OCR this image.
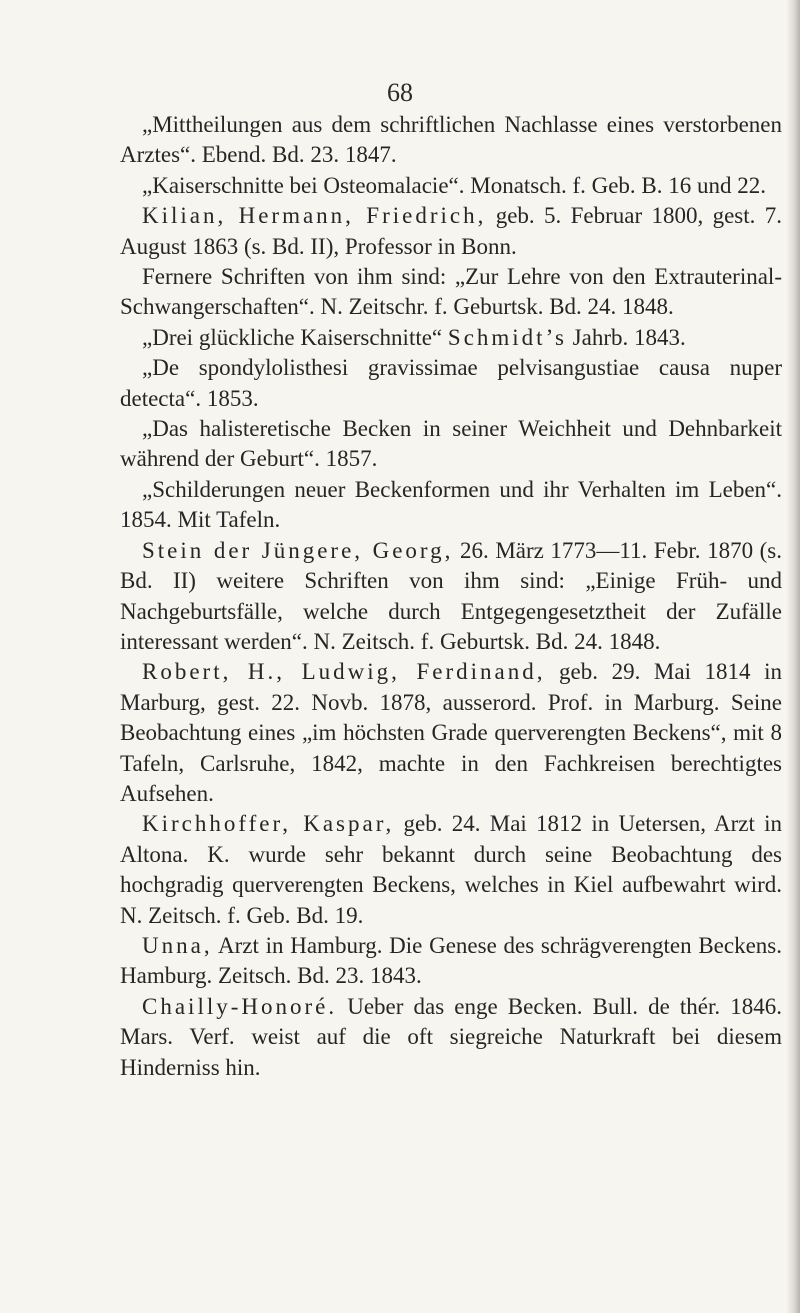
68

„Mittheilungen aus dem schriftlichen Nachlasse eines verstorbenen Arztes“. Ebend. Bd. 23. 1847.

„Kaiserschnitte bei Osteomalacie“. Monatsch. f. Geb. B. 16 und 22.

Kilian, Hermann, Friedrich, geb. 5. Februar 1800, gest. 7. August 1863 (s. Bd. II), Professor in Bonn.

Fernere Schriften von ihm sind: „Zur Lehre von den Extrauterinal-Schwangerschaften“. N. Zeitschr. f. Geburtsk. Bd. 24. 1848.

„Drei glückliche Kaiserschnitte“ Schmidt’s Jahrb. 1843.

„De spondylolisthesi gravissimae pelvisangustiae causa nuper detecta“. 1853.

„Das halisteretische Becken in seiner Weichheit und Dehnbarkeit während der Geburt“. 1857.

„Schilderungen neuer Beckenformen und ihr Verhalten im Leben“. 1854. Mit Tafeln.

Stein der Jüngere, Georg, 26. März 1773—11. Febr. 1870 (s. Bd. II) weitere Schriften von ihm sind: „Einige Früh- und Nachgeburtsfälle, welche durch Entgegengesetztheit der Zufälle interessant werden“. N. Zeitsch. f. Geburtsk. Bd. 24. 1848.

Robert, H., Ludwig, Ferdinand, geb. 29. Mai 1814 in Marburg, gest. 22. Novb. 1878, ausserord. Prof. in Marburg. Seine Beobachtung eines „im höchsten Grade querverengten Beckens“, mit 8 Tafeln, Carlsruhe, 1842, machte in den Fachkreisen berechtigtes Aufsehen.

Kirchhoffer, Kaspar, geb. 24. Mai 1812 in Uetersen, Arzt in Altona. K. wurde sehr bekannt durch seine Beobachtung des hochgradig querverengten Beckens, welches in Kiel aufbewahrt wird. N. Zeitsch. f. Geb. Bd. 19.

Unna, Arzt in Hamburg. Die Genese des schrägverengten Beckens. Hamburg. Zeitsch. Bd. 23. 1843.

Chailly-Honoré. Ueber das enge Becken. Bull. de thér. 1846. Mars. Verf. weist auf die oft siegreiche Naturkraft bei diesem Hinderniss hin.
